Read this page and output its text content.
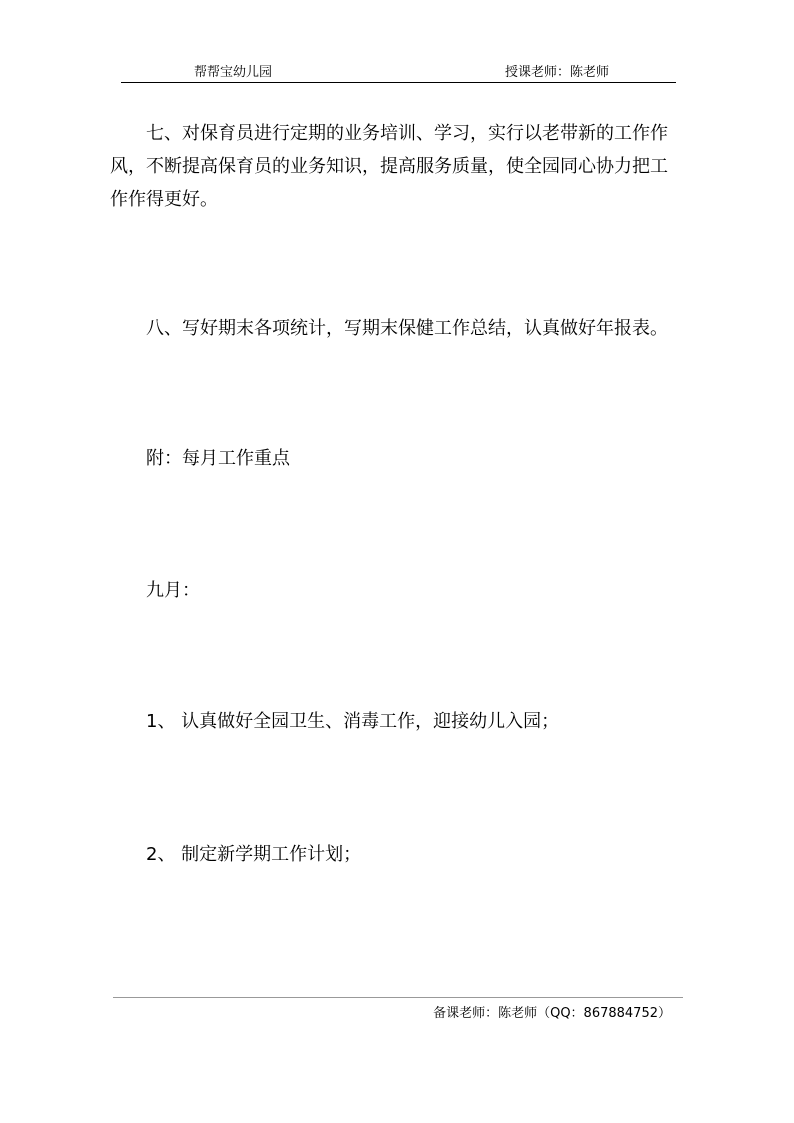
帮帮宝幼儿园	授课老师：陈老师
七、对保育员进行定期的业务培训、学习，实行以老带新的工作作风，不断提高保育员的业务知识，提高服务质量，使全园同心协力把工作作得更好。
八、写好期末各项统计，写期末保健工作总结，认真做好年报表。
附：每月工作重点
九月：
1、 认真做好全园卫生、消毒工作，迎接幼儿入园；
2、 制定新学期工作计划；
备课老师：陈老师（QQ：867884752）
